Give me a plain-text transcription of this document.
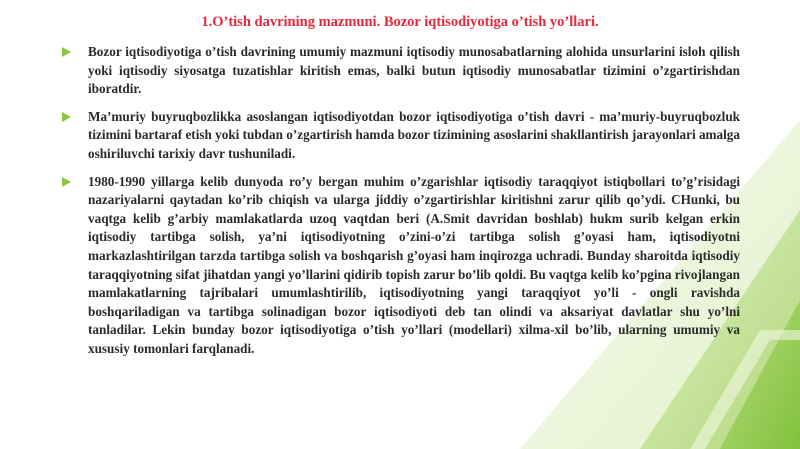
1.O’tish davrining mazmuni. Bozor iqtisodiyotiga o’tish yo’llari.
Bozor iqtisodiyotiga o’tish davrining umumiy mazmuni iqtisodiy munosabatlarning alohida unsurlarini isloh qilish yoki iqtisodiy siyosatga tuzatishlar kiritish emas, balki butun iqtisodiy munosabatlar tizimini o’zgartirishdan iboratdir.
Ma’muriy buyruqbozlikka asoslangan iqtisodiyotdan bozor iqtisodiyotiga o’tish davri - ma’muriy-buyruqbozluk tizimini bartaraf etish yoki tubdan o’zgartirish hamda bozor tizimining asoslarini shakllantirish jarayonlari amalga oshiriluvchi tarixiy davr tushuniladi.
1980-1990 yillarga kelib dunyoda ro’y bergan muhim o’zgarishlar iqtisodiy taraqqiyot istiqbollari to’g’risidagi nazariyalarni qaytadan ko’rib chiqish va ularga jiddiy o’zgartirishlar kiritishni zarur qilib qo’ydi. CHunki, bu vaqtga kelib g’arbiy mamlakatlarda uzoq vaqtdan beri (A.Smit davridan boshlab) hukm surib kelgan erkin iqtisodiy tartibga solish, ya’ni iqtisodiyotning o’zini-o’zi tartibga solish g’oyasi ham, iqtisodiyotni markazlashtirilgan tarzda tartibga solish va boshqarish g’oyasi ham inqirozga uchradi. Bunday sharoitda iqtisodiy taraqqiyotning sifat jihatdan yangi yo’llarini qidirib topish zarur bo’lib qoldi. Bu vaqtga kelib ko’pgina rivojlangan mamlakatlarning tajribalari umumlashtirilib, iqtisodiyotning yangi taraqqiyot yo’li - ongli ravishda boshqariladigan va tartibga solinadigan bozor iqtisodiyoti deb tan olindi va aksariyat davlatlar shu yo’lni tanladilar. Lekin bunday bozor iqtisodiyotiga o’tish yo’llari (modellari) xilma-xil bo’lib, ularning umumiy va xususiy tomonlari farqlanadi.
